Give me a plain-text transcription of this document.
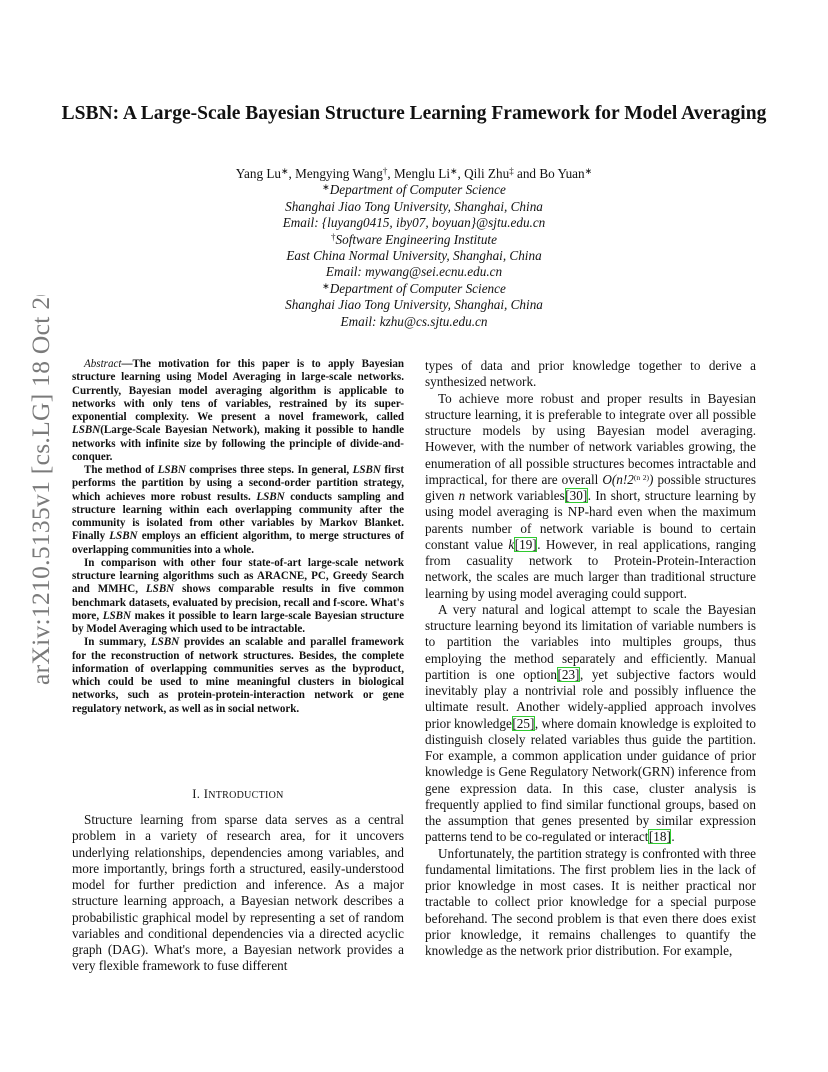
LSBN: A Large-Scale Bayesian Structure Learning Framework for Model Averaging
Yang Lu∗, Mengying Wang†, Menglu Li∗, Qili Zhu‡ and Bo Yuan∗
∗Department of Computer Science
Shanghai Jiao Tong University, Shanghai, China
Email: {luyang0415, iby07, boyuan}@sjtu.edu.cn
†Software Engineering Institute
East China Normal University, Shanghai, China
Email: mywang@sei.ecnu.edu.cn
∗Department of Computer Science
Shanghai Jiao Tong University, Shanghai, China
Email: kzhu@cs.sjtu.edu.cn
arXiv:1210.5135v1 [cs.LG] 18 Oct 2012	Abstract—The motivation for this paper is to apply Bayesian structure learning using Model Averaging in large-scale networks. Currently, Bayesian model averaging algorithm is applicable to networks with only tens of variables, restrained by its super-exponential complexity. We present a novel framework, called LSBN(Large-Scale Bayesian Network), making it possible to handle networks with infinite size by following the principle of divide-and-conquer.

The method of LSBN comprises three steps. In general, LSBN first performs the partition by using a second-order partition strategy, which achieves more robust results. LSBN conducts sampling and structure learning within each overlapping community after the community is isolated from other variables by Markov Blanket. Finally LSBN employs an efficient algorithm, to merge structures of overlapping communities into a whole.

In comparison with other four state-of-art large-scale network structure learning algorithms such as ARACNE, PC, Greedy Search and MMHC, LSBN shows comparable results in five common benchmark datasets, evaluated by precision, recall and f-score. What's more, LSBN makes it possible to learn large-scale Bayesian structure by Model Averaging which used to be intractable.

In summary, LSBN provides an scalable and parallel framework for the reconstruction of network structures. Besides, the complete information of overlapping communities serves as the byproduct, which could be used to mine meaningful clusters in biological networks, such as protein-protein-interaction network or gene regulatory network, as well as in social network.

I. INTRODUCTION

Structure learning from sparse data serves as a central problem in a variety of research area, for it uncovers underlying relationships, dependencies among variables, and more importantly, brings forth a structured, easily-understood model for further prediction and inference. As a major structure learning approach, a Bayesian network describes a probabilistic graphical model by representing a set of random variables and conditional dependencies via a directed acyclic graph (DAG). What's more, a Bayesian network provides a very flexible framework to fuse different

types of data and prior knowledge together to derive a synthesized network.

To achieve more robust and proper results in Bayesian structure learning, it is preferable to integrate over all possible structure models by using Bayesian model averaging. However, with the number of network variables growing, the enumeration of all possible structures becomes intractable and impractical, for there are overall $O(n!2^{(n 2)})$ possible structures given n network variables[30]. In short, structure learning by using model averaging is NP-hard even when the maximum parents number of network variable is bound to certain constant value k[19]. However, in real applications, ranging from casuality network to Protein-Protein-Interaction network, the scales are much larger than traditional structure learning by using model averaging could support.

A very natural and logical attempt to scale the Bayesian structure learning beyond its limitation of variable numbers is to partition the variables into multiples groups, thus employing the method separately and efficiently. Manual partition is one option[23], yet subjective factors would inevitably play a nontrivial role and possibly influence the ultimate result. Another widely-applied approach involves prior knowledge[25], where domain knowledge is exploited to distinguish closely related variables thus guide the partition. For example, a common application under guidance of prior knowledge is Gene Regulatory Network(GRN) inference from gene expression data. In this case, cluster analysis is frequently applied to find similar functional groups, based on the assumption that genes presented by similar expression patterns tend to be co-regulated or interact[18].

Unfortunately, the partition strategy is confronted with three fundamental limitations. The first problem lies in the lack of prior knowledge in most cases. It is neither practical nor tractable to collect prior knowledge for a special purpose beforehand. The second problem is that even there does exist prior knowledge, it remains challenges to quantify the knowledge as the network prior distribution. For example,
